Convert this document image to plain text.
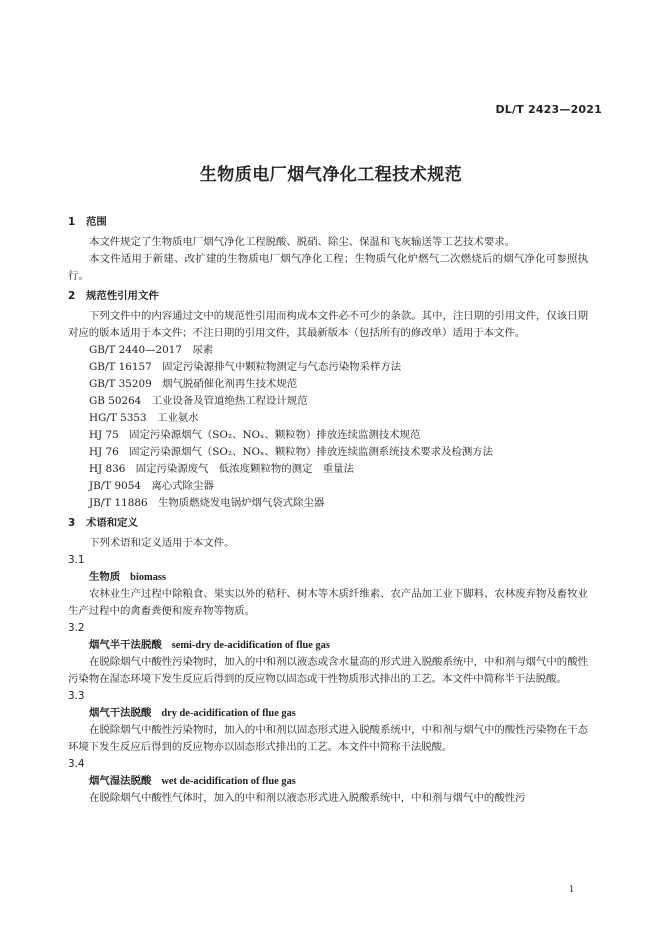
DL/T 2423—2021
生物质电厂烟气净化工程技术规范

1 范围

本文件规定了生物质电厂烟气净化工程脱酸、脱硝、除尘、保温和飞灰输送等工艺技术要求。

本文件适用于新建、改扩建的生物质电厂烟气净化工程；生物质气化炉燃气二次燃烧后的烟气净化可参照执行。

2 规范性引用文件

下列文件中的内容通过文中的规范性引用而构成本文件必不可少的条款。其中，注日期的引用文件，仅该日期对应的版本适用于本文件；不注日期的引用文件，其最新版本（包括所有的修改单）适用于本文件。

GB/T 2440—2017　尿素

GB/T 16157　固定污染源排气中颗粒物测定与气态污染物采样方法

GB/T 35209　烟气脱硝催化剂再生技术规范

GB 50264　工业设备及管道绝热工程设计规范

HG/T 5353　工业氨水

HJ 75　固定污染源烟气（SO₂、NOₓ、颗粒物）排放连续监测技术规范

HJ 76　固定污染源烟气（SO₂、NOₓ、颗粒物）排放连续监测系统技术要求及检测方法

HJ 836　固定污染源废气　低浓度颗粒物的测定　重量法

JB/T 9054　离心式除尘器

JB/T 11886　生物质燃烧发电锅炉烟气袋式除尘器

3 术语和定义

下列术语和定义适用于本文件。

3.1

生物质 biomass

农林业生产过程中除粮食、果实以外的秸秆、树木等木质纤维素、农产品加工业下脚料、农林废弃物及畜牧业生产过程中的禽畜粪便和废弃物等物质。

3.2

烟气半干法脱酸 semi-dry de-acidification of flue gas

在脱除烟气中酸性污染物时，加入的中和剂以液态或含水量高的形式进入脱酸系统中，中和剂与烟气中的酸性污染物在湿态环境下发生反应后得到的反应物以固态或干性物质形式排出的工艺。本文件中简称半干法脱酸。

3.3

烟气干法脱酸 dry de-acidification of flue gas

在脱除烟气中酸性污染物时，加入的中和剂以固态形式进入脱酸系统中，中和剂与烟气中的酸性污染物在干态环境下发生反应后得到的反应物亦以固态形式排出的工艺。本文件中简称干法脱酸。

3.4

烟气湿法脱酸 wet de-acidification of flue gas

在脱除烟气中酸性气体时，加入的中和剂以液态形式进入脱酸系统中，中和剂与烟气中的酸性污

1
